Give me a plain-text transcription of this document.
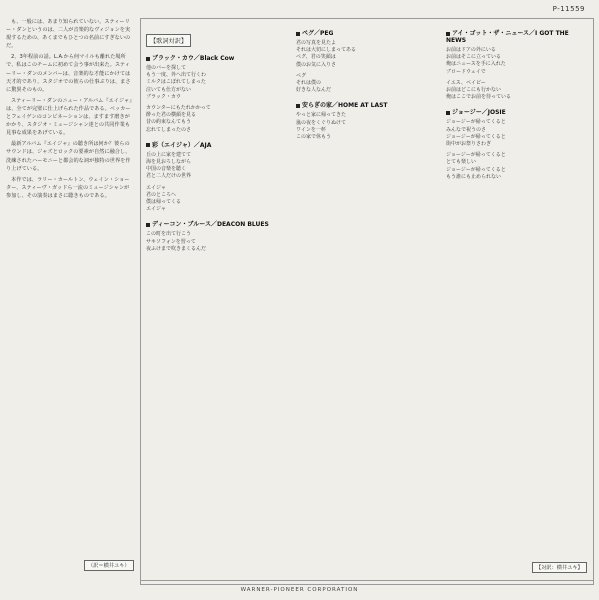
P-11559

も、一般には、あまり知られていない。スティーリー・ダンというのは、二人が音楽的なヴィジョンを実現するための、あくまでもひとつの名前にすぎないのだ。

2、3年程前の話。L.A.から何マイルも離れた場所で、私はこのチームに初めて会う事が出来た。スティーリー・ダンのメンバーは、音楽的な才能にかけては天才的であり、スタジオでの彼らの仕事ぶりは、まさに驚異そのもの。

スティーリー・ダンのニュー・アルバム『エイジャ』は、全てが完璧に仕上げられた作品である。ベッカーとフェイゲンのコンビネーションは、ますます磨きがかかり、スタジオ・ミュージシャン達との共同作業も見事な成果をあげている。

最新アルバム『エイジャ』の聴き所は何か？彼らのサウンドは、ジャズとロックの要素が自然に融合し、洗練されたハーモニーと都会的な詞が独特の世界を作り上げている。

本作では、ラリー・カールトン、ウェイン・ショーター、スティーヴ・ガッドら一流のミュージシャンが参加し、その演奏はまさに聴きものである。

（訳＝横井ユキ）
【歌詞対訳】
ブラック・カウ／Black Cow
他のバーを探して
もう一度、外へ出て行くわ
ミルクはこぼれてしまった
泣いても仕方がない
ブラック・カウ
カウンターにもたれかかって
酔った君の横顔を見る
昔の約束なんてもう
忘れてしまったのさ
彩（エイジャ）／AJA
丘の上に家を建てて
海を見おろしながら
中国の音楽を聴く
君と二人だけの世界
エイジャ
君のところへ
僕は帰ってくる
エイジャ
ディーコン・ブルース／DEACON BLUES
この町を出て行こう
サキソフォンを習って
夜ふけまで吹きまくるんだ
ペグ／PEG
君の写真を見たよ
それは大切にしまってある
ペグ、君の笑顔は
僕のお気に入りさ
ペグ
それは僕の
好きな人なんだ
安らぎの家／HOME AT LAST
やっと家に帰ってきた
嵐の夜をくぐりぬけて
ワインを一杯
この家で休もう
アイ・ゴット・ザ・ニュース／I GOT THE NEWS
お前はドアの外にいる
お前はそこに立っている
俺はニュースを手に入れた
ブロードウェイで
イエス、ベイビー
お前はどこにも行かない
俺はここでお前を待っている
ジョージー／JOSIE
ジョージーが帰ってくると
みんなで祝うのさ
ジョージーが帰ってくると
街中がお祭りさわぎ
ジョージーが帰ってくると
とても楽しい
ジョージーが帰ってくると
もう誰にも止められない
【対訳：横井ユキ】
WARNER-PIONEER CORPORATION
